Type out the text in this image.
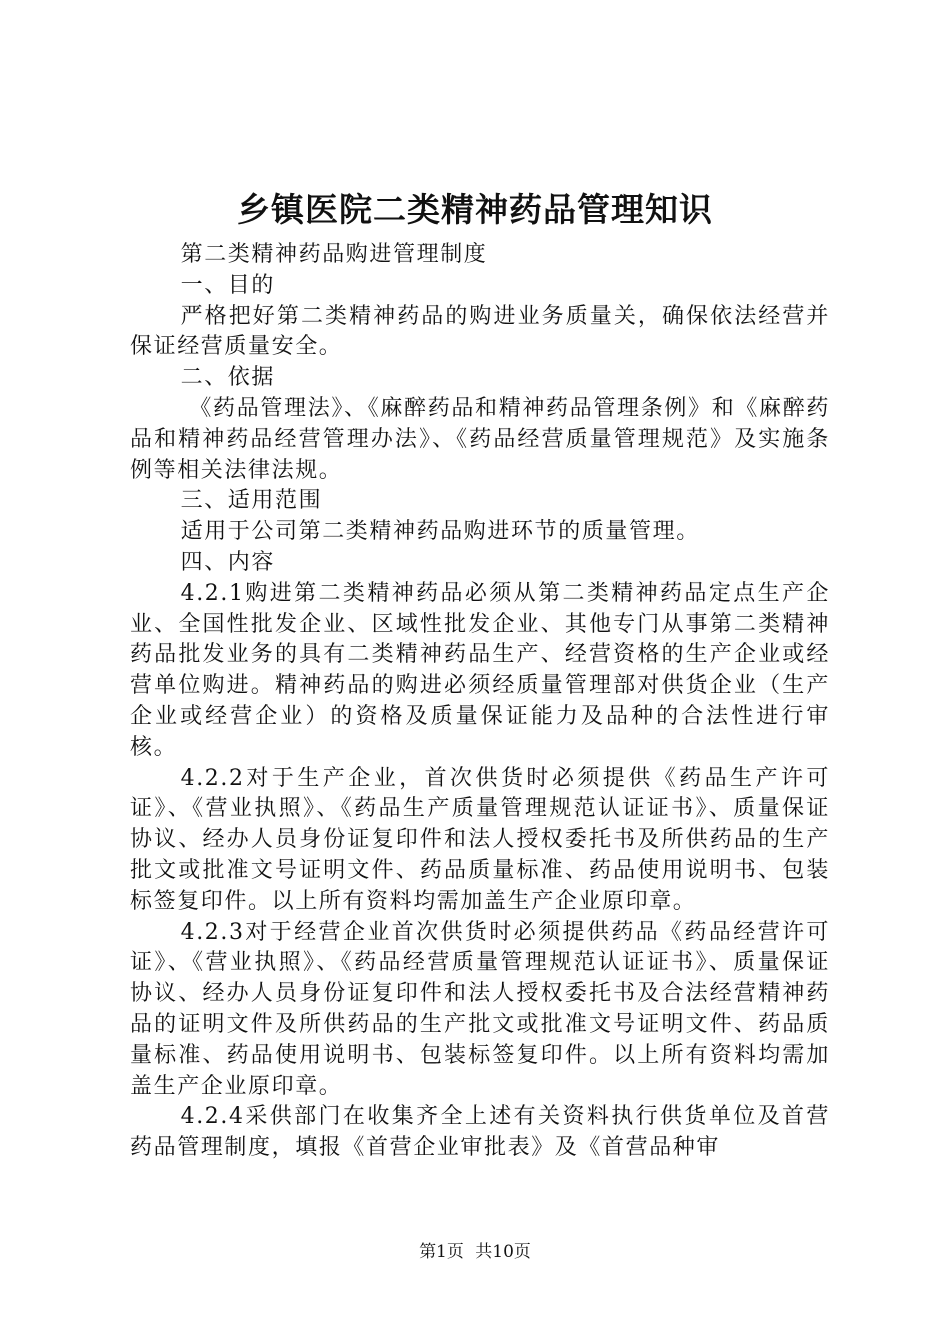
乡镇医院二类精神药品管理知识

第二类精神药品购进管理制度

一、目的

严格把好第二类精神药品的购进业务质量关，确保依法经营并保证经营质量安全。

二、依据

《药品管理法》、《麻醉药品和精神药品管理条例》和《麻醉药品和精神药品经营管理办法》、《药品经营质量管理规范》及实施条例等相关法律法规。

三、适用范围

适用于公司第二类精神药品购进环节的质量管理。

四、内容

4.2.1购进第二类精神药品必须从第二类精神药品定点生产企业、全国性批发企业、区域性批发企业、其他专门从事第二类精神药品批发业务的具有二类精神药品生产、经营资格的生产企业或经营单位购进。精神药品的购进必须经质量管理部对供货企业（生产企业或经营企业）的资格及质量保证能力及品种的合法性进行审核。

4.2.2对于生产企业，首次供货时必须提供《药品生产许可证》、《营业执照》、《药品生产质量管理规范认证证书》、质量保证协议、经办人员身份证复印件和法人授权委托书及所供药品的生产批文或批准文号证明文件、药品质量标准、药品使用说明书、包装标签复印件。以上所有资料均需加盖生产企业原印章。

4.2.3对于经营企业首次供货时必须提供药品《药品经营许可证》、《营业执照》、《药品经营质量管理规范认证证书》、质量保证协议、经办人员身份证复印件和法人授权委托书及合法经营精神药品的证明文件及所供药品的生产批文或批准文号证明文件、药品质量标准、药品使用说明书、包装标签复印件。以上所有资料均需加盖生产企业原印章。

4.2.4采供部门在收集齐全上述有关资料执行供货单位及首营药品管理制度，填报《首营企业审批表》及《首营品种审

第1页 共10页
